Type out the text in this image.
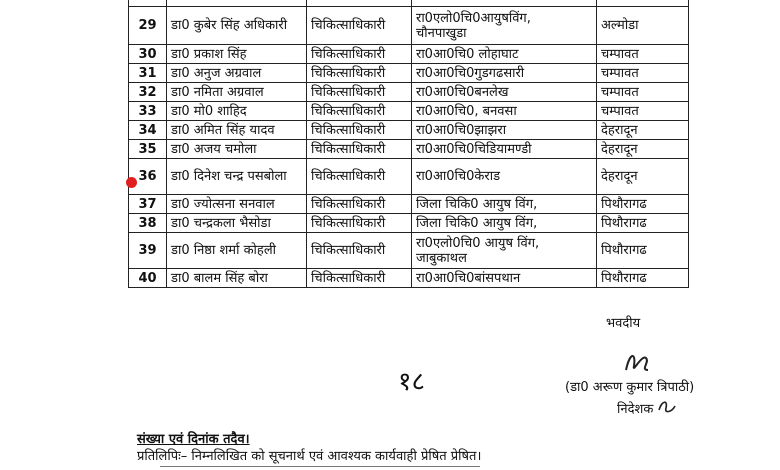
29	डा0 कुबेर सिंह अधिकारी	चिकित्साधिकारी	रा0एलो0चि0आयुषविंग,
चौनपाखुडा	अल्मोडा
30	डा0 प्रकाश सिंह	चिकित्साधिकारी	रा0आ0चि0 लोहाघाट	चम्पावत
31	डा0 अनुज अग्रवाल	चिकित्साधिकारी	रा0आ0चि0गुडगढसारी	चम्पावत
32	डा0 नमिता अग्रवाल	चिकित्साधिकारी	रा0आ0चि0बनलेख	चम्पावत
33	डा0 मो0 शाहिद	चिकित्साधिकारी	रा0आ0चि0, बनवसा	चम्पावत
34	डा0 अमित सिंह यादव	चिकित्साधिकारी	रा0आ0चि0झाझरा	देहरादून
35	डा0 अजय चमोला	चिकित्साधिकारी	रा0आ0चि0चिडियामण्डी	देहरादून
36	डा0 दिनेश चन्द्र पसबोला	चिकित्साधिकारी	रा0आ0चि0केराड	देहरादून
37	डा0 ज्योत्सना सनवाल	चिकित्साधिकारी	जिला चिकि0 आयुष विंग,	पिथौरागढ
38	डा0 चन्द्रकला भैसोडा	चिकित्साधिकारी	जिला चिकि0 आयुष विंग,	पिथौरागढ
39	डा0 निष्ठा शर्मा कोहली	चिकित्साधिकारी	रा0एलो0चि0 आयुष विंग,
जाबुकाथल	पिथौरागढ
40	डा0 बालम सिंह बोरा	चिकित्साधिकारी	रा0आ0चि0बांसपथान	पिथौरागढ
भवदीय
१८	(डा0 अरूण कुमार त्रिपाठी)
निदेशक
संख्या एवं दिनांक तदैव।
प्रतिलिपिः– निम्नलिखित को सूचनार्थ एवं आवश्यक कार्यवाही प्रेषित प्रेषित।
